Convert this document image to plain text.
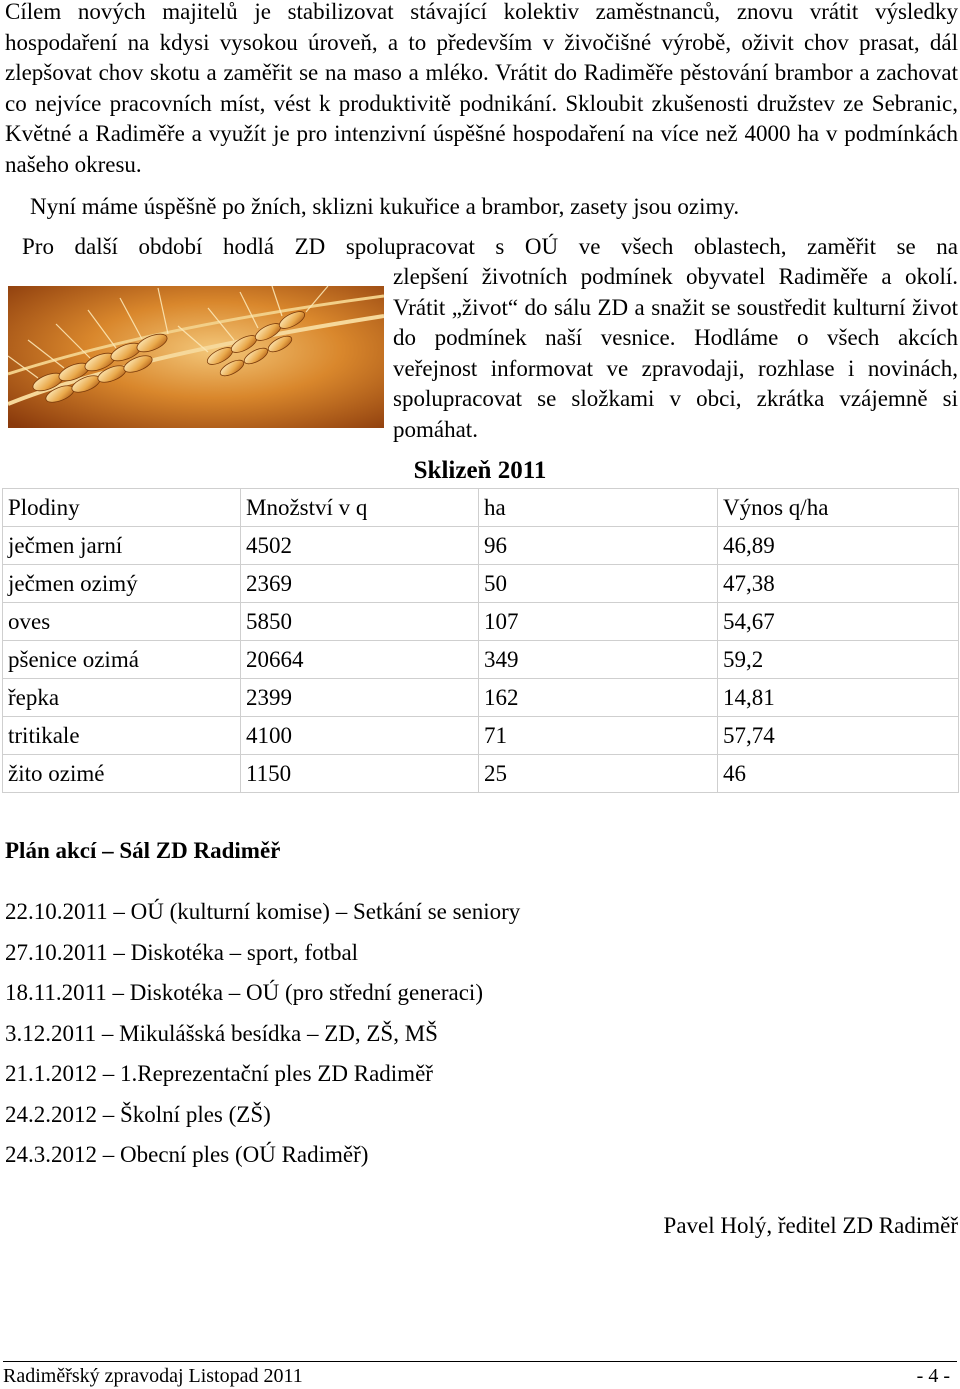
Cílem nových majitelů je stabilizovat stávající kolektiv zaměstnanců, znovu vrátit výsledky hospodaření na kdysi vysokou úroveň, a to především v živočišné výrobě, oživit chov prasat, dál zlepšovat chov skotu a zaměřit se na maso a mléko. Vrátit do Radiměře pěstování brambor a zachovat co nejvíce pracovních míst, vést k produktivitě podnikání. Skloubit zkušenosti družstev ze Sebranic, Květné a Radiměře a využít je pro intenzivní úspěšné hospodaření na více než 4000 ha v podmínkách našeho okresu.

Nyní máme úspěšně po žních, sklizni kukuřice a brambor, zasety jsou ozimy.

Pro další období hodlá ZD spolupracovat s OÚ ve všech oblastech, zaměřit se na

zlepšení životních podmínek obyvatel Radiměře a okolí. Vrátit „život“ do sálu ZD a snažit se soustředit kulturní život do podmínek naší vesnice. Hodláme o všech akcích veřejnost informovat ve zpravodaji, rozhlase i novinách, spolupracovat se složkami v obci, zkrátka vzájemně si pomáhat.

Sklizeň 2011
Plodiny	Množství v q	ha	Výnos q/ha
ječmen jarní	4502	96	46,89
ječmen ozimý	2369	50	47,38
oves	5850	107	54,67
pšenice ozimá	20664	349	59,2
řepka	2399	162	14,81
tritikale	4100	71	57,74
žito ozimé	1150	25	46
Plán akcí – Sál ZD Radiměř
22.10.2011 – OÚ (kulturní komise) – Setkání se seniory
27.10.2011 – Diskotéka – sport, fotbal
18.11.2011 – Diskotéka – OÚ (pro střední generaci)
3.12.2011 – Mikulášská besídka – ZD, ZŠ, MŠ
21.1.2012 – 1.Reprezentační ples ZD Radiměř
24.2.2012 – Školní ples (ZŠ)
24.3.2012 – Obecní ples (OÚ Radiměř)
Pavel Holý, ředitel ZD Radiměř
Radiměřský zpravodaj Listopad 2011	- 4 -
